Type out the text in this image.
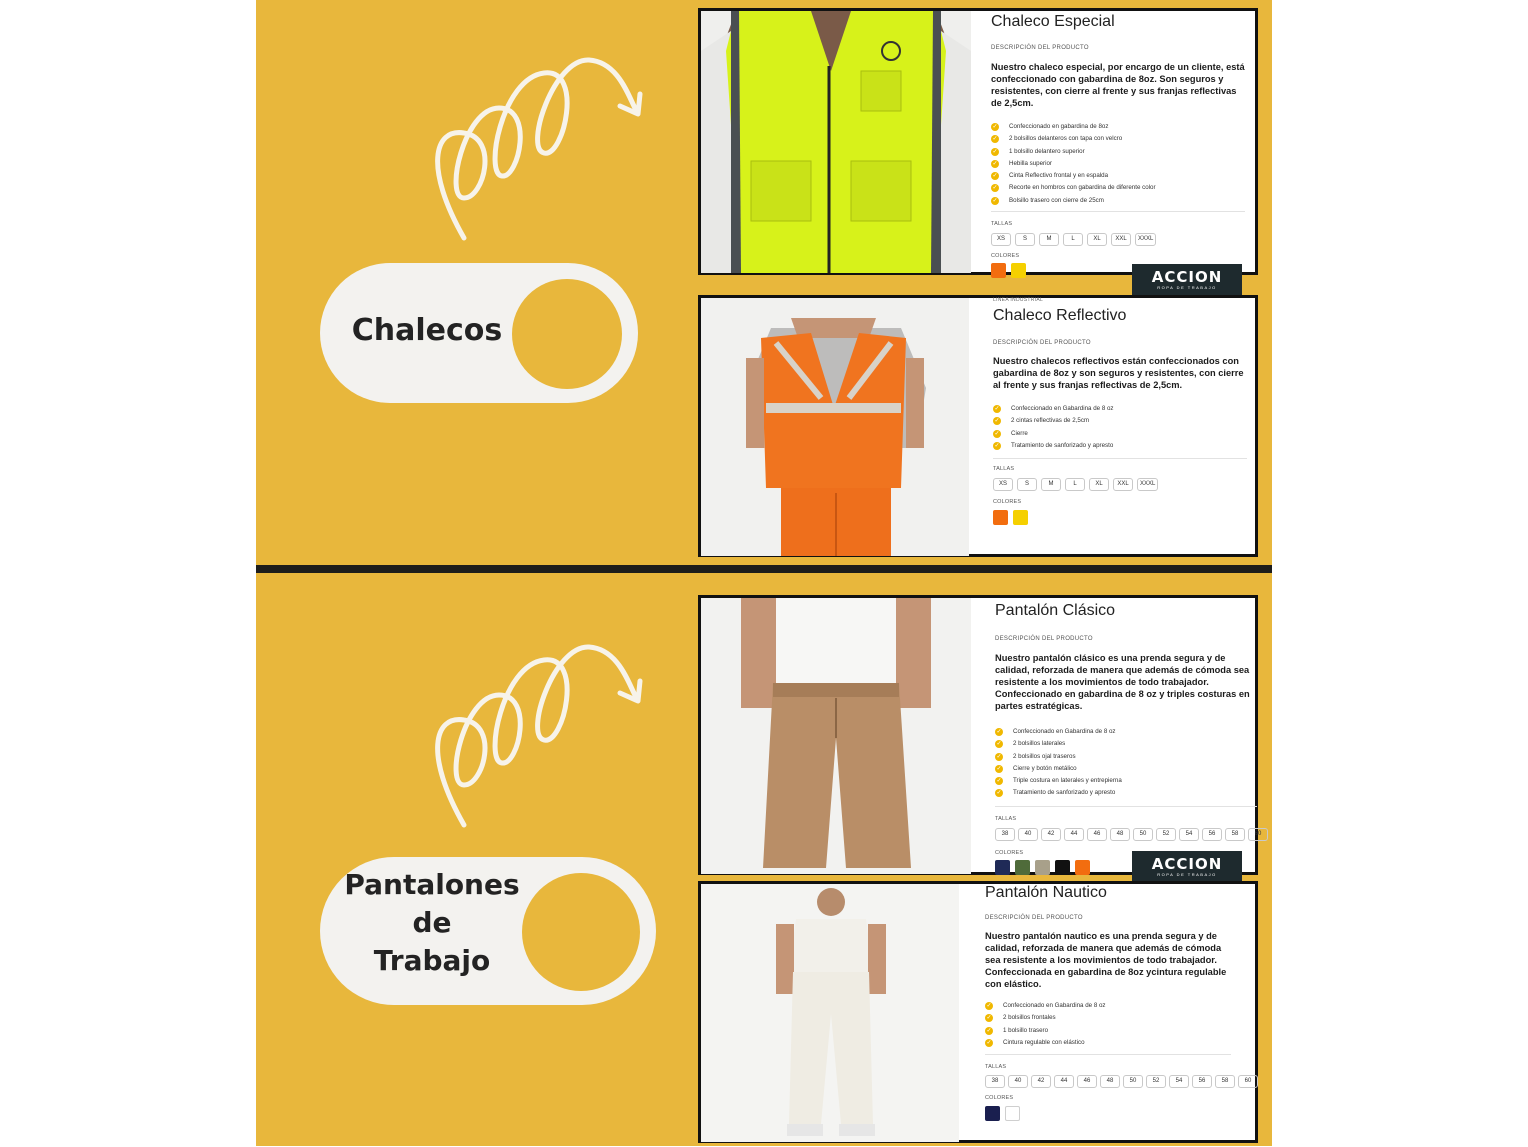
Chalecos
Chaleco Especial
DESCRIPCIÓN DEL PRODUCTO
Nuestro chaleco especial, por encargo de un cliente, está confeccionado con gabardina de 8oz. Son seguros y resistentes, con cierre al frente y sus franjas reflectivas de 2,5cm.
✓ Confeccionado en gabardina de 8oz
✓ 2 bolsillos delanteros con tapa con velcro
✓ 1 bolsillo delantero superior
✓ Hebilla superior
✓ Cinta Reflectivo frontal y en espalda
✓ Recorte en hombros con gabardina de diferente color
✓ Bolsillo trasero con cierre de 25cm
TALLAS
XS	S	M	L	XL	XXL	XXXL
COLORES
ACCION
ROPA DE TRABAJO
LINEA INDUSTRIAL
Chaleco Reflectivo
DESCRIPCIÓN DEL PRODUCTO
Nuestro chalecos reflectivos están confeccionados con gabardina de 8oz y son seguros y resistentes, con cierre al frente y sus franjas reflectivas de 2,5cm.
✓ Confeccionado en Gabardina de 8 oz
✓ 2 cintas reflectivas de 2,5cm
✓ Cierre
✓ Tratamiento de sanforizado y apresto
TALLAS
XS	S	M	L	XL	XXL	XXXL
COLORES
Pantalones
de
Trabajo
Pantalón Clásico
DESCRIPCIÓN DEL PRODUCTO
Nuestro pantalón clásico es una prenda segura y de calidad, reforzada de manera que además de cómoda sea resistente a los movimientos de todo trabajador. Confeccionado en gabardina de 8 oz y triples costuras en partes estratégicas.
✓ Confeccionado en Gabardina de 8 oz
✓ 2 bolsillos laterales
✓ 2 bolsillos ojal traseros
✓ Cierre y botón metálico
✓ Triple costura en laterales y entrepierna
✓ Tratamiento de sanforizado y apresto
TALLAS
38	40	42	44	46	48	50	52	54	56	58	60
COLORES
ACCION
ROPA DE TRABAJO
Pantalón Nautico
DESCRIPCIÓN DEL PRODUCTO
Nuestro pantalón nautico es una prenda segura y de calidad, reforzada de manera que además de cómoda sea resistente a los movimientos de todo trabajador. Confeccionada en gabardina de 8oz ycintura regulable con elástico.
✓ Confeccionado en Gabardina de 8 oz
✓ 2 bolsillos frontales
✓ 1 bolsillo trasero
✓ Cintura regulable con elástico
TALLAS
38	40	42	44	46	48	50	52	54	56	58	60
COLORES
